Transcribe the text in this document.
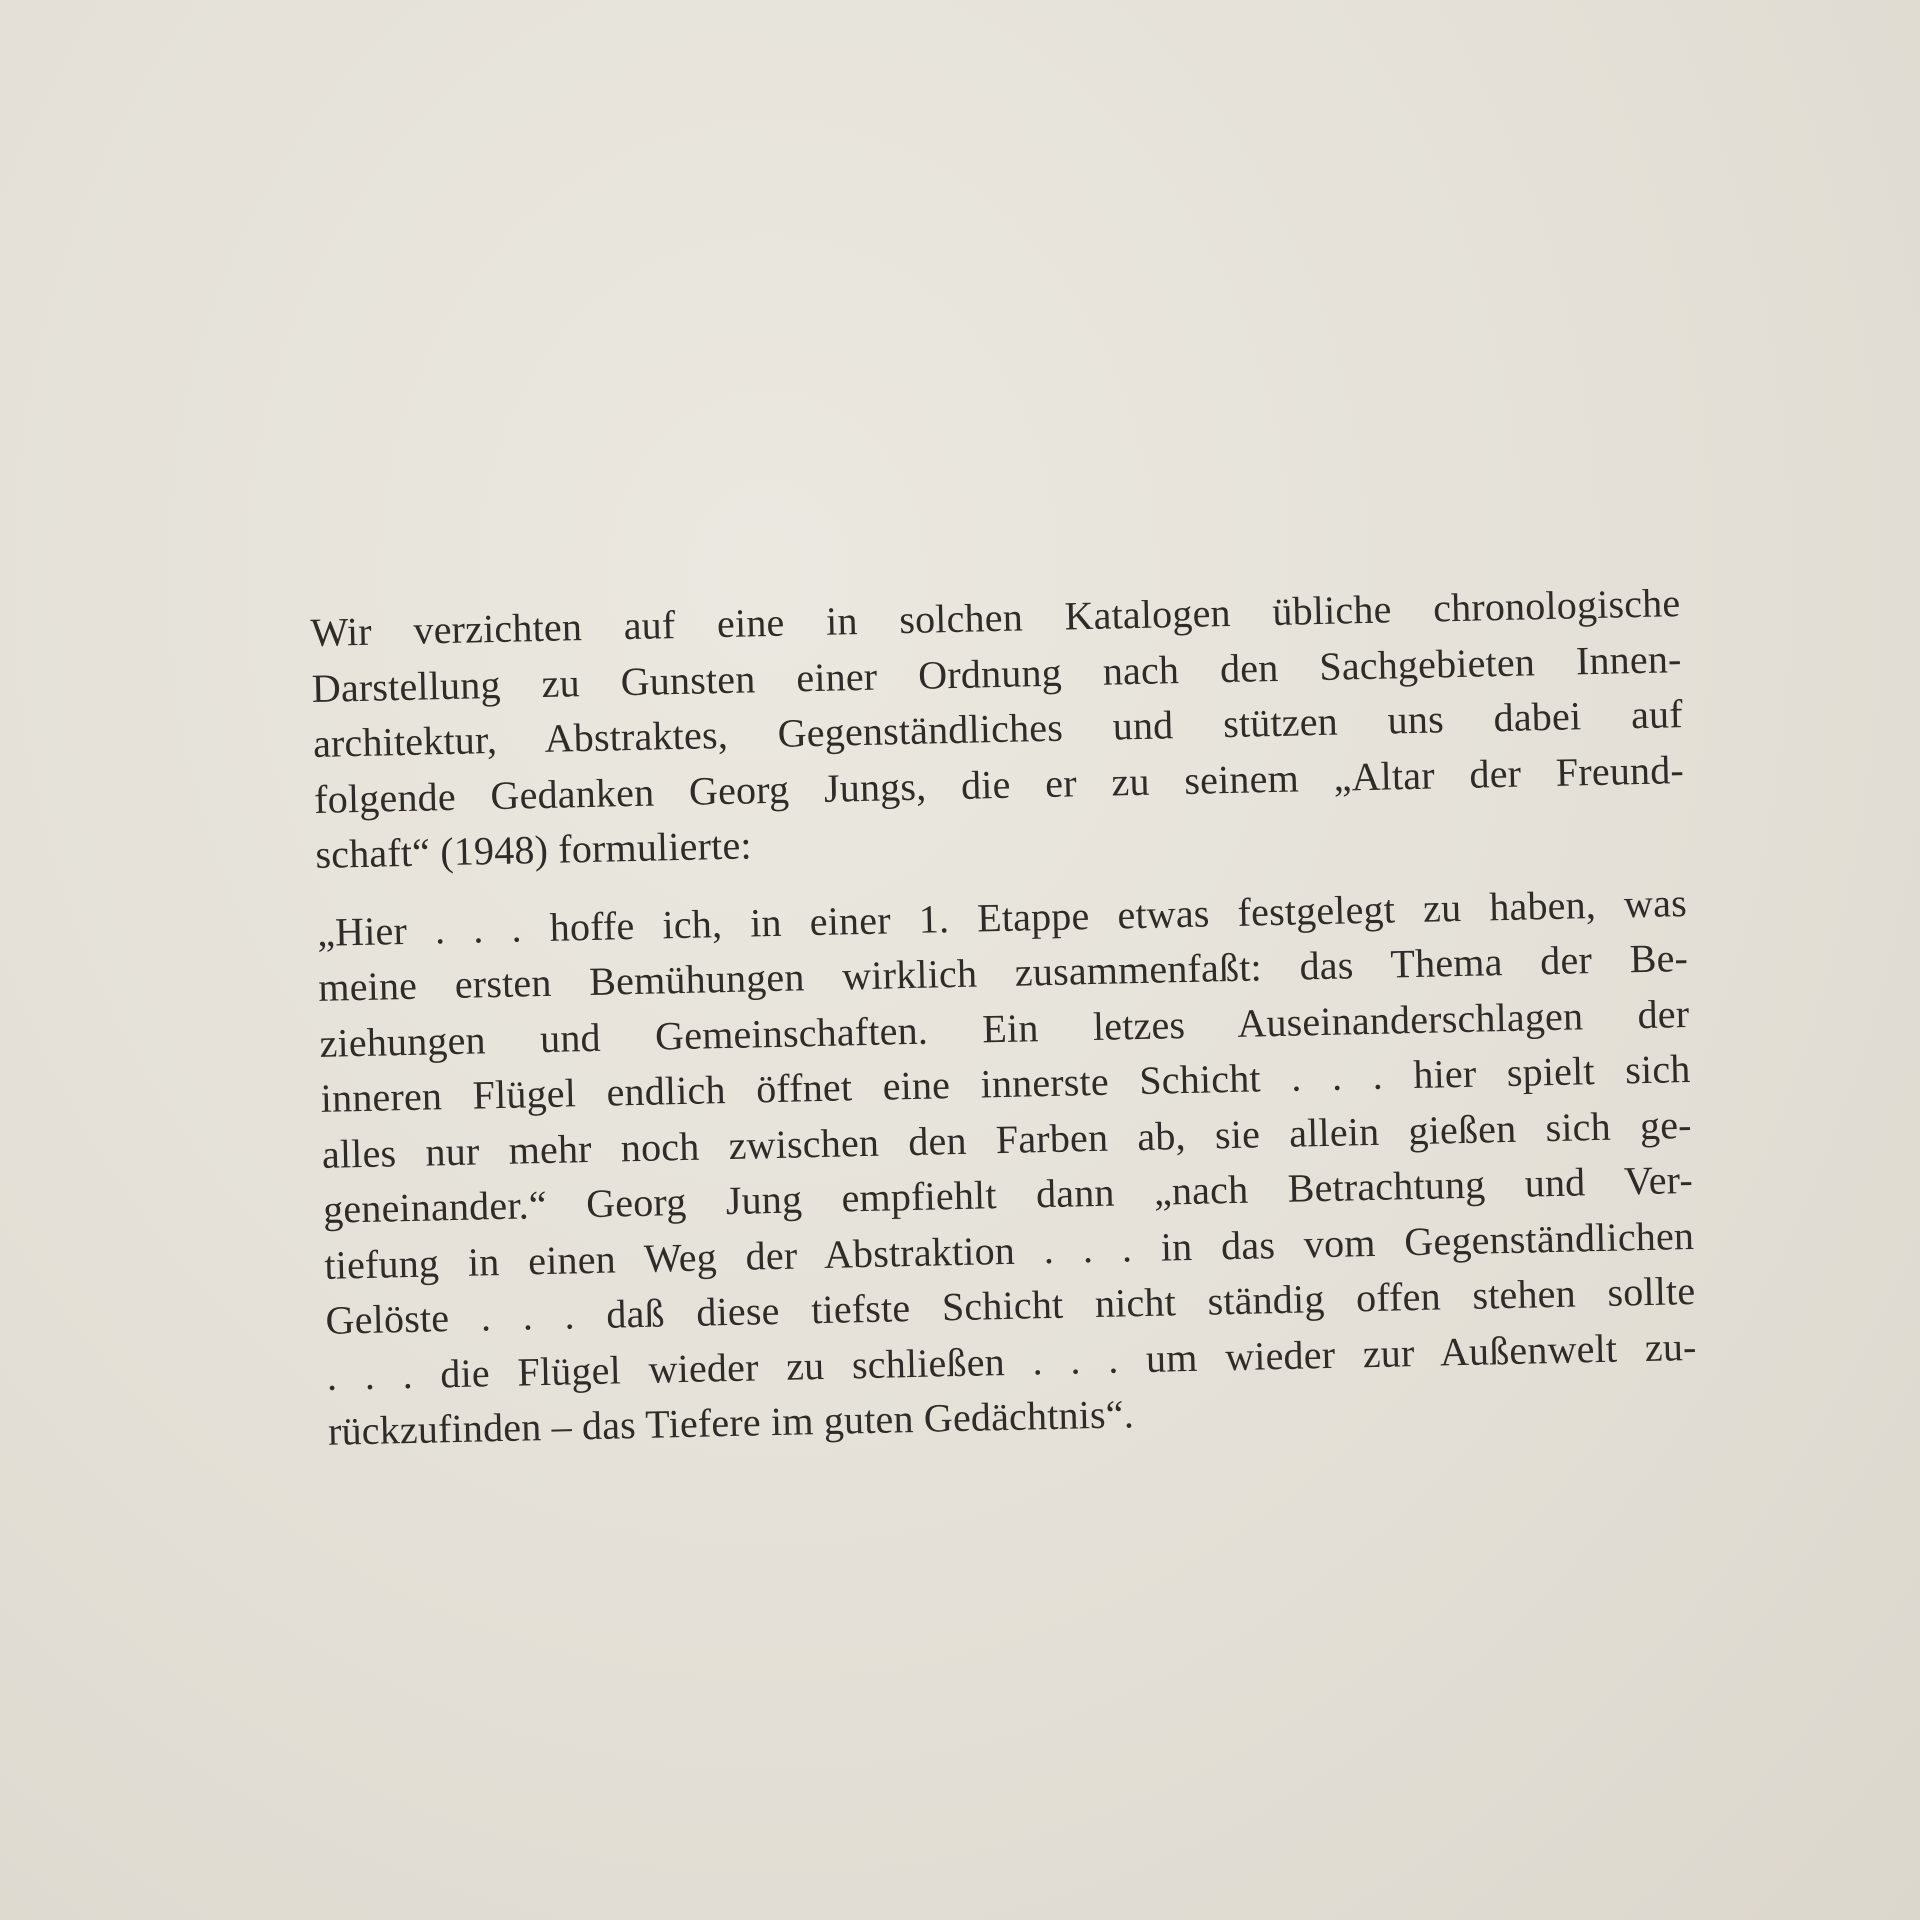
Wir verzichten auf eine in solchen Katalogen übliche chronologische
Darstellung zu Gunsten einer Ordnung nach den Sachgebieten Innen-
architektur, Abstraktes, Gegenständliches und stützen uns dabei auf
folgende Gedanken Georg Jungs, die er zu seinem „Altar der Freund-
schaft“ (1948) formulierte:

„Hier . . . hoffe ich, in einer 1. Etappe etwas festgelegt zu haben, was
meine ersten Bemühungen wirklich zusammenfaßt: das Thema der Be-
ziehungen und Gemeinschaften. Ein letzes Auseinanderschlagen der
inneren Flügel endlich öffnet eine innerste Schicht . . . hier spielt sich
alles nur mehr noch zwischen den Farben ab, sie allein gießen sich ge-
geneinander.“ Georg Jung empfiehlt dann „nach Betrachtung und Ver-
tiefung in einen Weg der Abstraktion . . . in das vom Gegenständlichen
Gelöste . . . daß diese tiefste Schicht nicht ständig offen stehen sollte
. . . die Flügel wieder zu schließen . . . um wieder zur Außenwelt zu-
rückzufinden – das Tiefere im guten Gedächtnis“.
